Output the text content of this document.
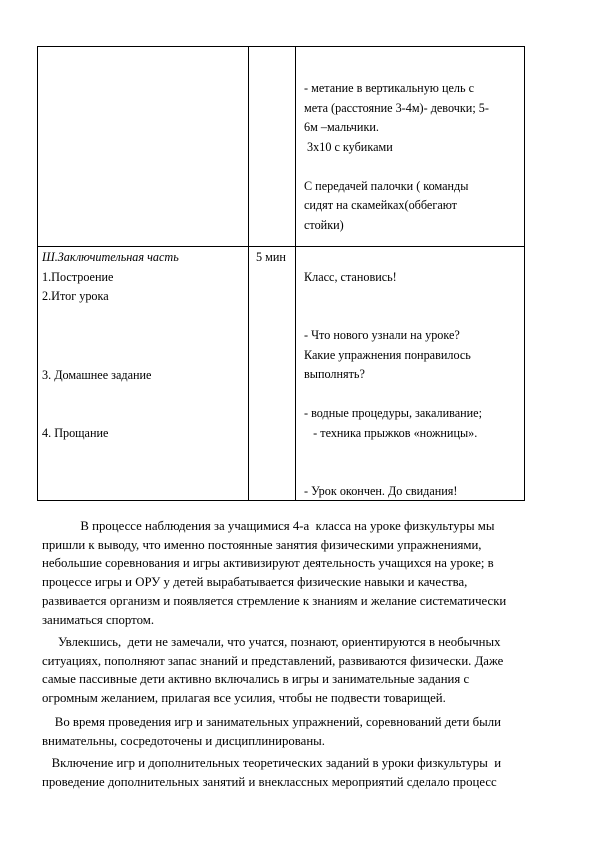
- метание в вертикальную цель с
мета (расстояние 3-4м)- девочки; 5-
6м –мальчики.
3х10 с кубиками

С передачей палочки ( команды
сидят на скамейках(оббегают
стойки)
Ш.Заключительная часть
1.Построение
2.Итог урока
3. Домашнее задание
4. Прощание
5 мин
Класс, становись!
- Что нового узнали на уроке?
Какие упражнения понравилось
выполнять?
- водные процедуры, закаливание;
- техника прыжков «ножницы».
- Урок окончен. До свидания!
В процессе наблюдения за учащимися 4-а  класса на уроке физкультуры мы
пришли к выводу, что именно постоянные занятия физическими упражнениями,
небольшие соревнования и игры активизируют деятельность учащихся на уроке; в
процессе игры и ОРУ у детей вырабатывается физические навыки и качества,
развивается организм и появляется стремление к знаниям и желание систематически
заниматься спортом.
Увлекшись,  дети не замечали, что учатся, познают, ориентируются в необычных
ситуациях, пополняют запас знаний и представлений, развиваются физически. Даже
самые пассивные дети активно включались в игры и занимательные задания с
огромным желанием, прилагая все усилия, чтобы не подвести товарищей.
Во время проведения игр и занимательных упражнений, соревнований дети были
внимательны, сосредоточены и дисциплинированы.
Включение игр и дополнительных теоретических заданий в уроки физкультуры  и
проведение дополнительных занятий и внеклассных мероприятий сделало процесс
